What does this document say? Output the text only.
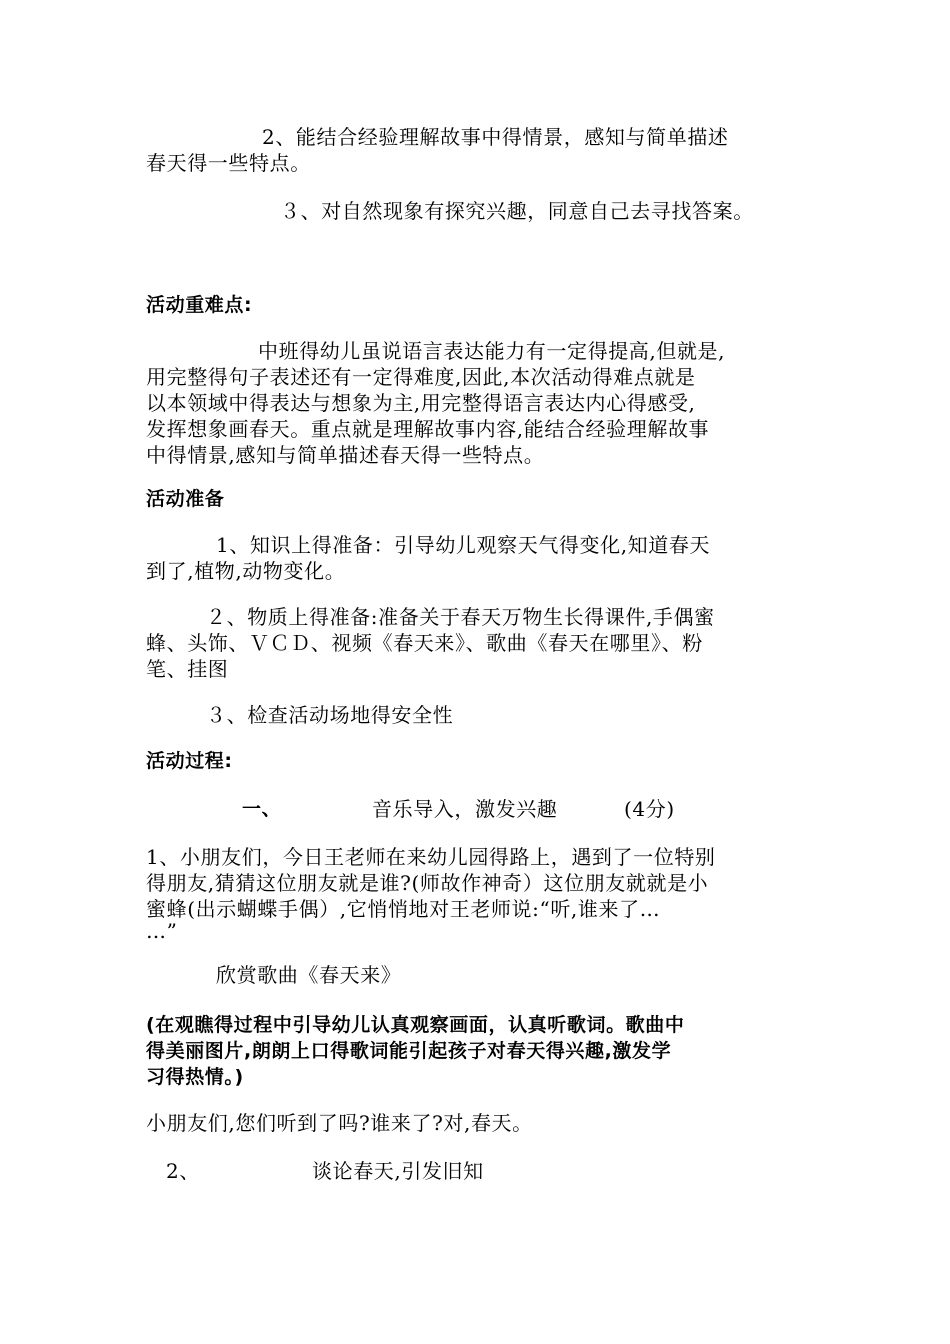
2、能结合经验理解故事中得情景，感知与简单描述
春天得一些特点。
３、对自然现象有探究兴趣，同意自己去寻找答案。
活动重难点:
中班得幼儿虽说语言表达能力有一定得提高,但就是,
用完整得句子表述还有一定得难度,因此,本次活动得难点就是
以本领域中得表达与想象为主,用完整得语言表达内心得感受,
发挥想象画春天。重点就是理解故事内容,能结合经验理解故事
中得情景,感知与简单描述春天得一些特点。
活动准备
1、知识上得准备：引导幼儿观察天气得变化,知道春天
到了,植物,动物变化。
２、物质上得准备:准备关于春天万物生长得课件,手偶蜜
蜂、头饰、ＶＣＤ、视频《春天来》、歌曲《春天在哪里》、粉
笔、挂图
３、检查活动场地得安全性
活动过程:
一、	音乐导入，激发兴趣	(4分)
1、小朋友们，今日王老师在来幼儿园得路上，遇到了一位特别
得朋友,猜猜这位朋友就是谁?(师故作神奇）这位朋友就就是小
蜜蜂(出示蝴蝶手偶）,它悄悄地对王老师说:“听,谁来了…
…”
欣赏歌曲《春天来》
(在观瞧得过程中引导幼儿认真观察画面，认真听歌词。歌曲中
得美丽图片,朗朗上口得歌词能引起孩子对春天得兴趣,激发学
习得热情。)
小朋友们,您们听到了吗?谁来了?对,春天。
2、	谈论春天,引发旧知
